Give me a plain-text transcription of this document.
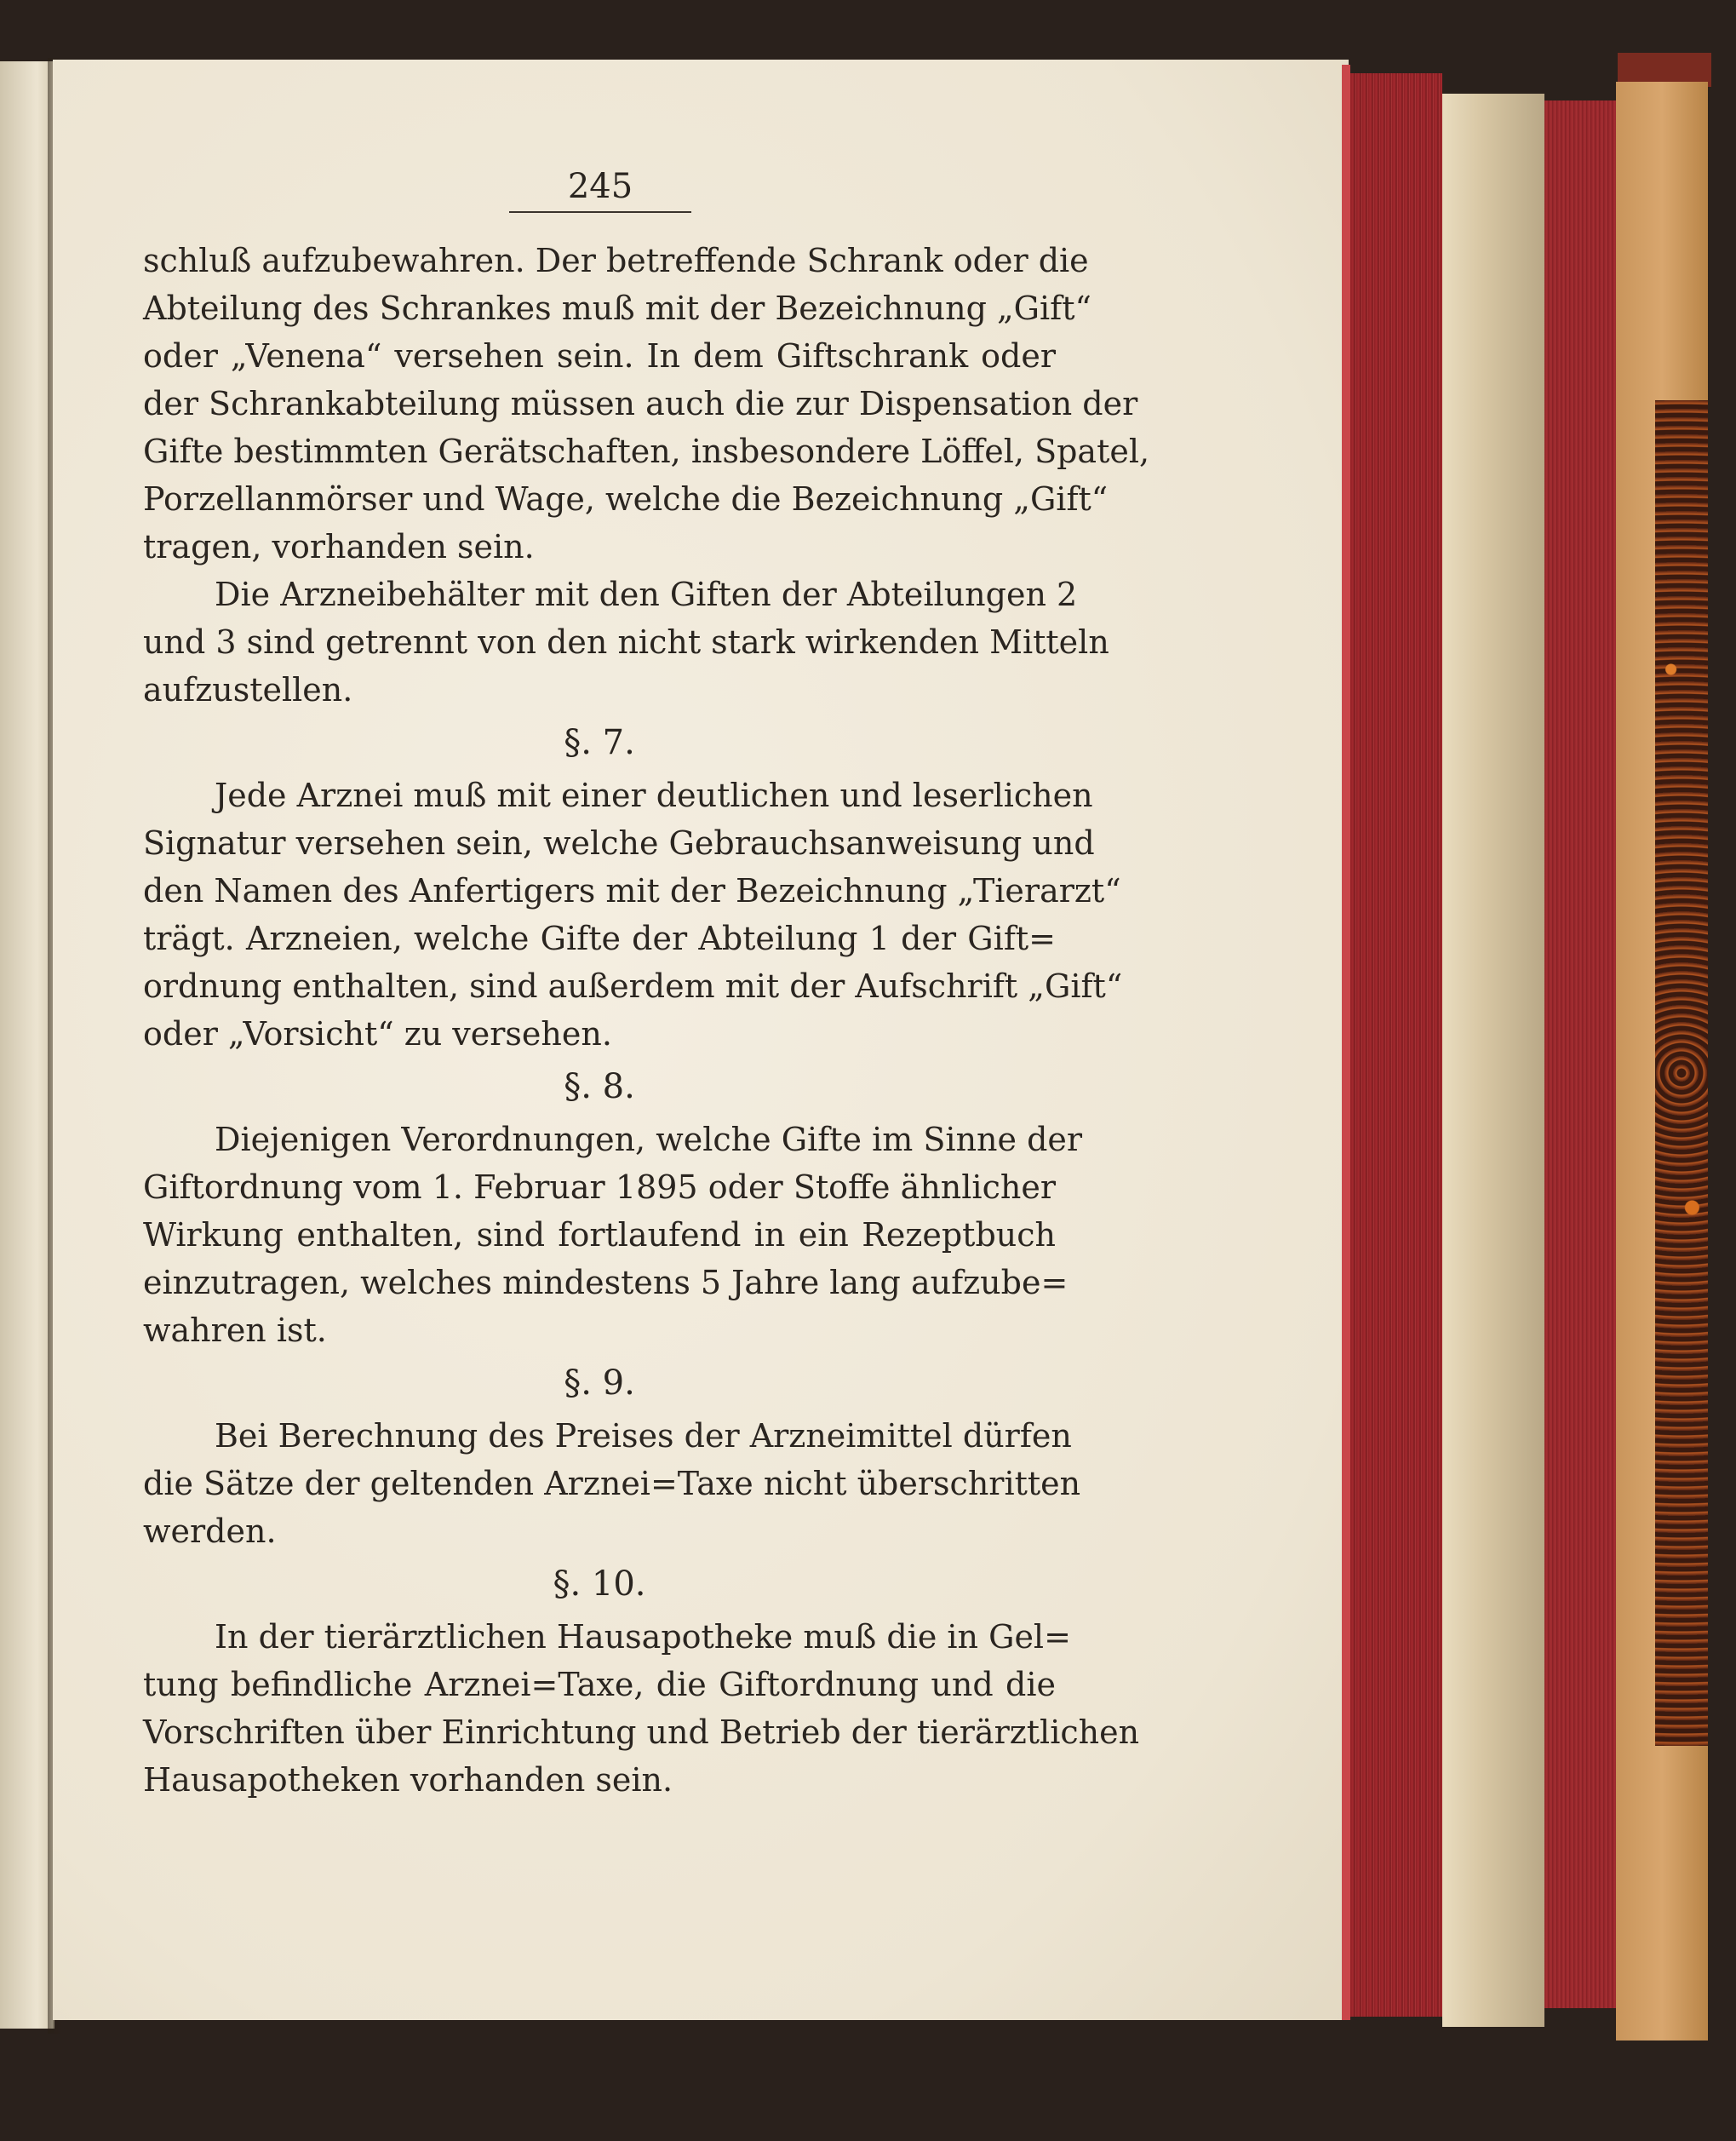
245
schluß aufzubewahren. Der betreffende Schrank oder die
Abteilung des Schrankes muß mit der Bezeichnung „Gift“
oder „Venena“ versehen sein. In dem Giftschrank oder
der Schrankabteilung müssen auch die zur Dispensation der
Gifte bestimmten Gerätschaften, insbesondere Löffel, Spatel,
Porzellanmörser und Wage, welche die Bezeichnung „Gift“
tragen, vorhanden sein.
Die Arzneibehälter mit den Giften der Abteilungen 2
und 3 sind getrennt von den nicht stark wirkenden Mitteln
aufzustellen.
§. 7.
Jede Arznei muß mit einer deutlichen und leserlichen
Signatur versehen sein, welche Gebrauchsanweisung und
den Namen des Anfertigers mit der Bezeichnung „Tierarzt“
trägt. Arzneien, welche Gifte der Abteilung 1 der Gift=
ordnung enthalten, sind außerdem mit der Aufschrift „Gift“
oder „Vorsicht“ zu versehen.
§. 8.
Diejenigen Verordnungen, welche Gifte im Sinne der
Giftordnung vom 1. Februar 1895 oder Stoffe ähnlicher
Wirkung enthalten, sind fortlaufend in ein Rezeptbuch
einzutragen, welches mindestens 5 Jahre lang aufzube=
wahren ist.
§. 9.
Bei Berechnung des Preises der Arzneimittel dürfen
die Sätze der geltenden Arznei=Taxe nicht überschritten
werden.
§. 10.
In der tierärztlichen Hausapotheke muß die in Gel=
tung befindliche Arznei=Taxe, die Giftordnung und die
Vorschriften über Einrichtung und Betrieb der tierärztlichen
Hausapotheken vorhanden sein.
